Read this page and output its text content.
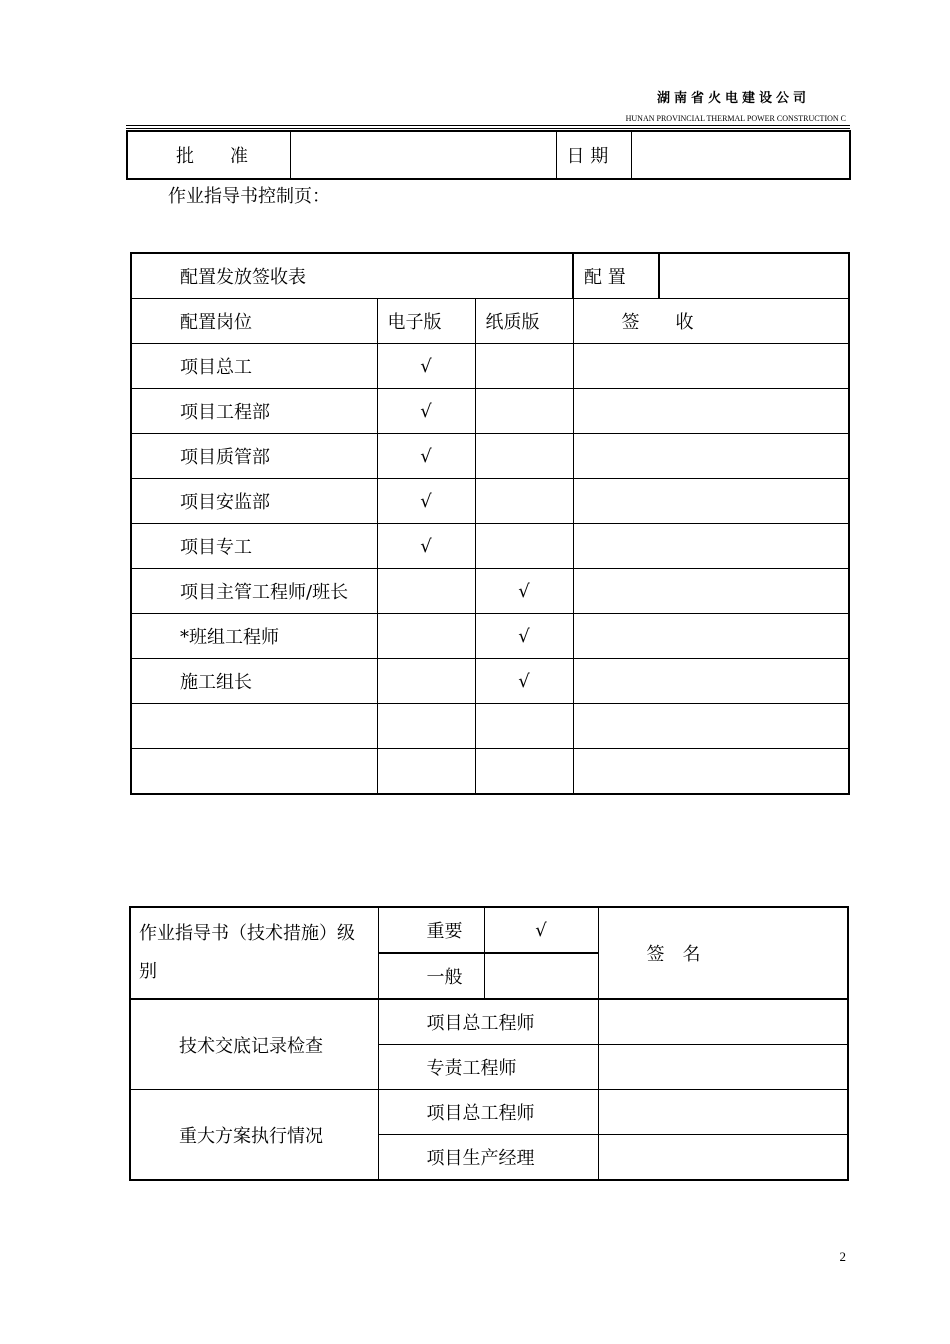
湖南省火电建设公司
HUNAN PROVINCIAL THERMAL POWER CONSTRUCTION C
批　　准		日 期	
作业指导书控制页：
配置发放签收表			配 置	
配置岗位	电子版	纸质版	签　　收	
项目总工	√			
项目工程部	√			
项目质管部	√			
项目安监部	√			
项目专工	√			
项目主管工程师/班长		√		
*班组工程师		√		
施工组长		√		

作业指导书（技术措施）级别	重要	√	签　名
	一般		
技术交底记录检查	项目总工程师		
	专责工程师		
重大方案执行情况	项目总工程师		
	项目生产经理		
2
